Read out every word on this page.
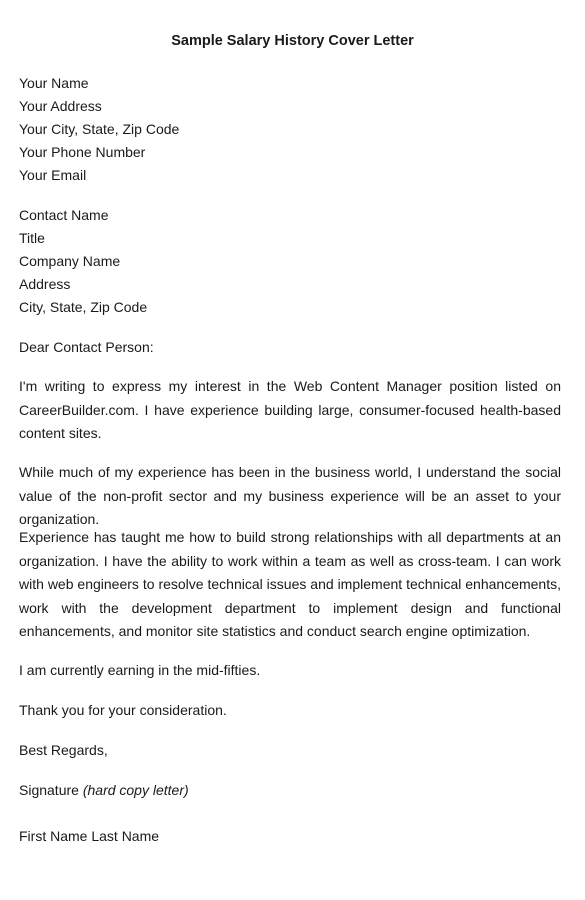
Sample Salary History Cover Letter
Your Name
Your Address
Your City, State, Zip Code
Your Phone Number
Your Email
Contact Name
Title
Company Name
Address
City, State, Zip Code
Dear Contact Person:
I'm writing to express my interest in the Web Content Manager position listed on CareerBuilder.com. I have experience building large, consumer-focused health-based content sites.
While much of my experience has been in the business world, I understand the social value of the non-profit sector and my business experience will be an asset to your organization.
Experience has taught me how to build strong relationships with all departments at an organization. I have the ability to work within a team as well as cross-team. I can work with web engineers to resolve technical issues and implement technical enhancements, work with the development department to implement design and functional enhancements, and monitor site statistics and conduct search engine optimization.
I am currently earning in the mid-fifties.
Thank you for your consideration.
Best Regards,
Signature (hard copy letter)
First Name Last Name
